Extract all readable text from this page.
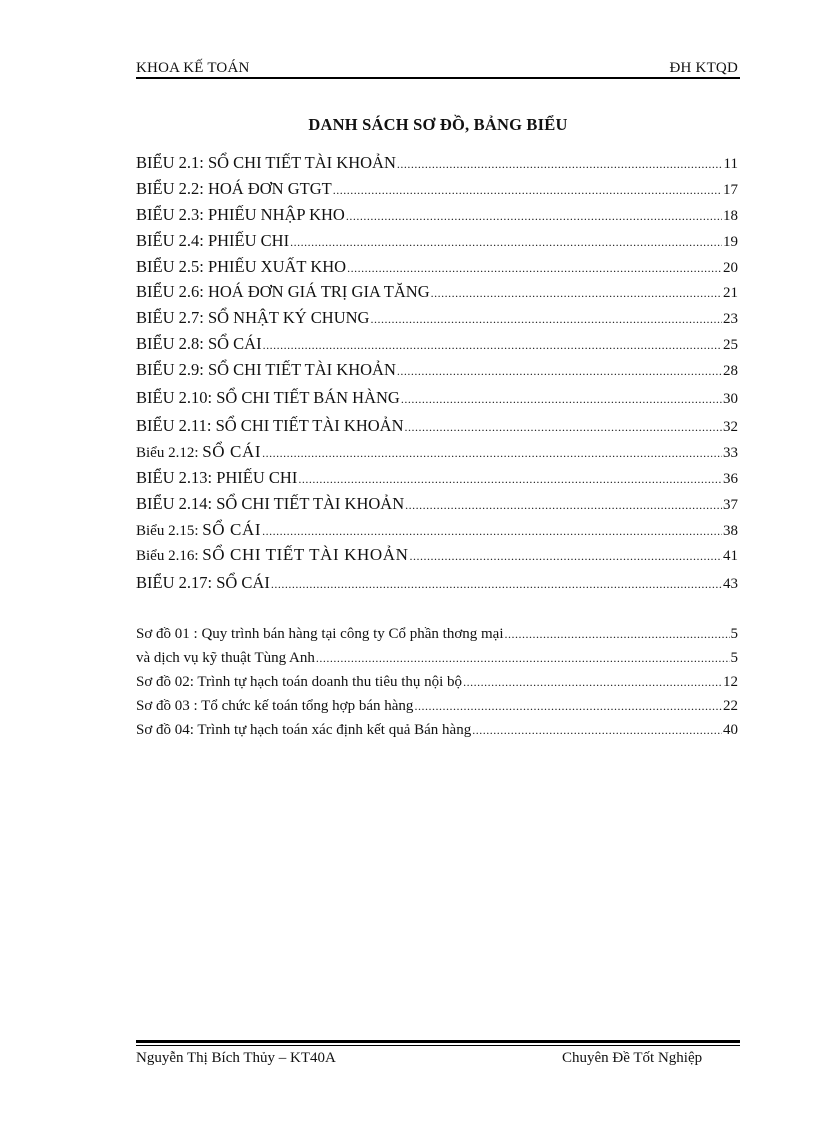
KHOA KẾ TOÁN	ĐH KTQD
DANH SÁCH SƠ ĐỒ, BẢNG BIỂU
BIỂU 2.1: SỔ CHI TIẾT TÀI KHOẢN .....	11
BIỂU 2.2: HOÁ ĐƠN GTGT .....	17
BIỂU 2.3: PHIẾU NHẬP KHO .....	18
BIỂU 2.4: PHIẾU CHI .....	19
BIỂU 2.5: PHIẾU XUẤT KHO .....	20
BIỂU 2.6: HOÁ ĐƠN GIÁ TRỊ GIA TĂNG .....	21
BIỂU 2.7: SỔ NHẬT KÝ CHUNG .....	23
BIỂU 2.8: SỔ CÁI .....	25
BIỂU 2.9: SỔ CHI TIẾT TÀI KHOẢN .....	28
BIỂU 2.10: SỔ CHI TIẾT BÁN HÀNG .....	30
BIỂU 2.11: SỔ CHI TIẾT TÀI KHOẢN .....	32
Biểu 2.12: SỔ CÁI .....	33
BIỂU 2.13: PHIẾU CHI .....	36
BIỂU 2.14: SỔ CHI TIẾT TÀI KHOẢN .....	37
Biểu 2.15: SỔ CÁI .....	38
Biểu 2.16: SỔ CHI TIẾT TÀI KHOẢN .....	41
BIỂU 2.17: SỔ CÁI .....	43
Sơ đồ 01 : Quy trình bán hàng tại công ty Cổ phần thơng mại .....	5
và dịch vụ kỹ thuật Tùng Anh .....	5
Sơ đồ 02: Trình tự hạch toán doanh thu tiêu thụ nội bộ .....	12
Sơ đồ 03 : Tổ chức kế toán tổng hợp bán hàng .....	22
Sơ đồ 04: Trình tự hạch toán xác định kết quả Bán hàng .....	40
Nguyễn Thị Bích Thủy – KT40A	Chuyên Đề Tốt Nghiệp
